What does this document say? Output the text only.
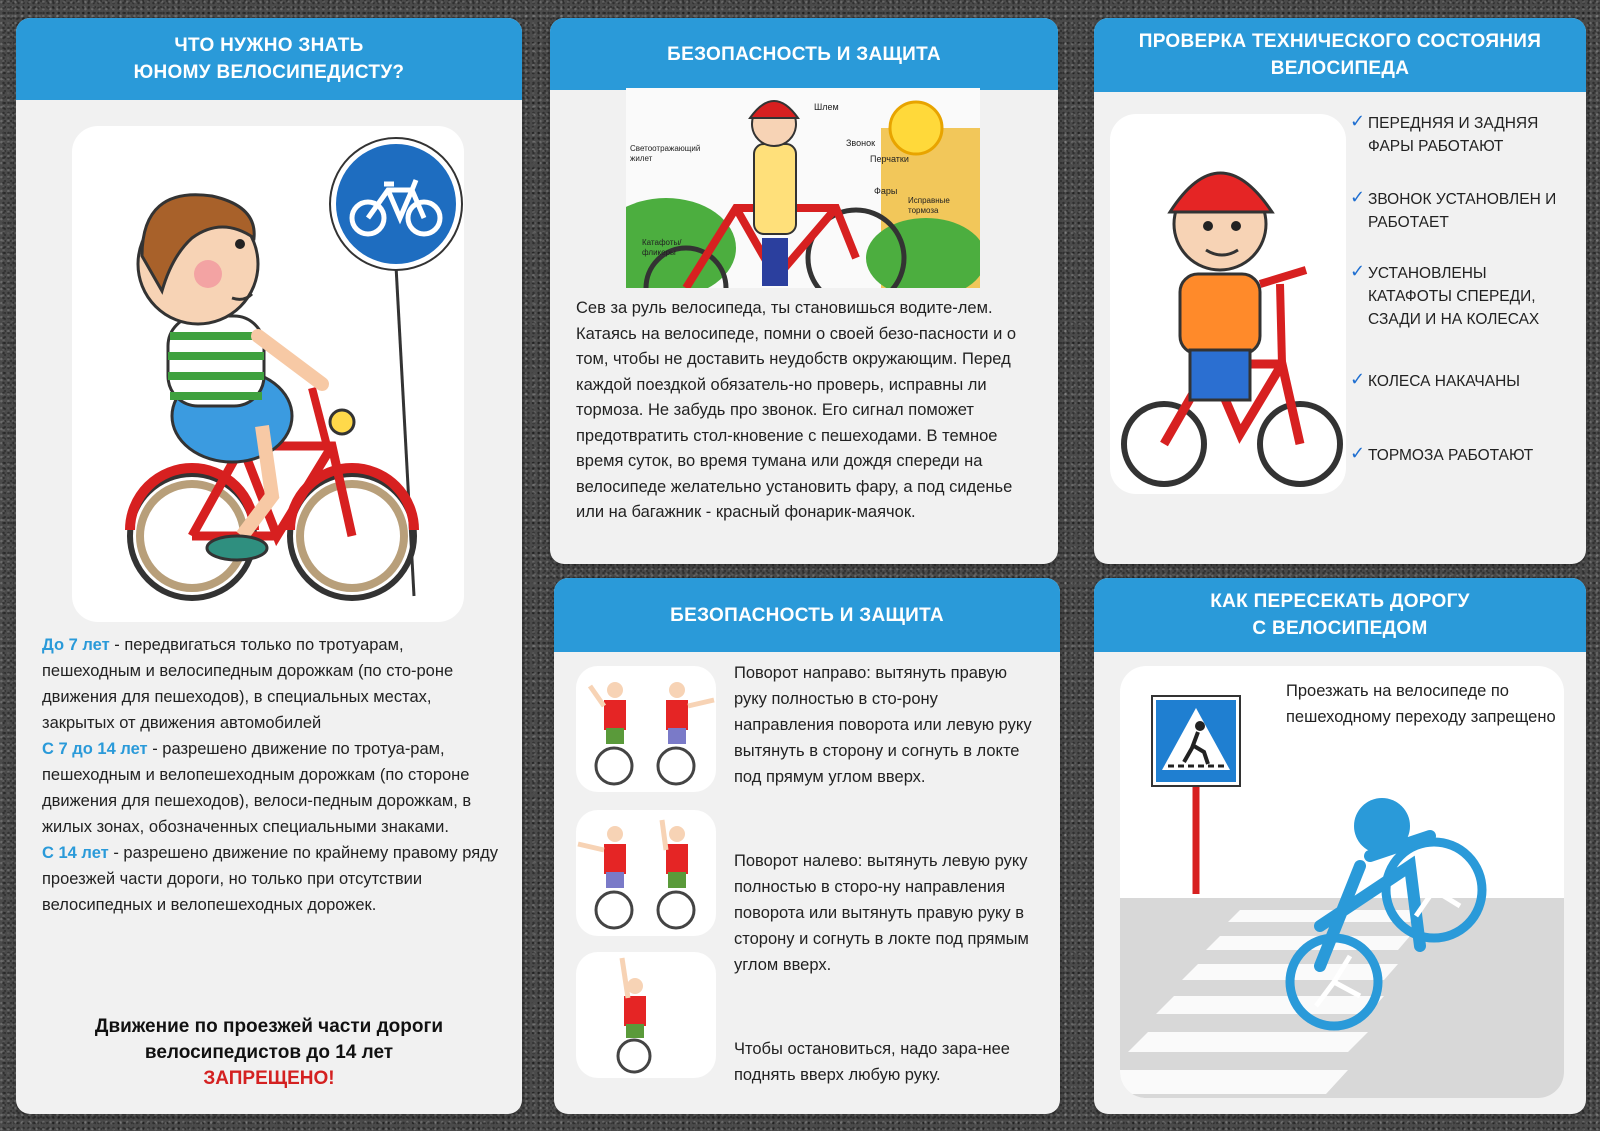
ЧТО НУЖНО ЗНАТЬ
ЮНОМУ ВЕЛОСИПЕДИСТУ?

До 7 лет - передвигаться только по тротуарам, пешеходным и велосипедным дорожкам (по сто-роне движения для пешеходов), в специальных местах, закрытых от движения автомобилей

С 7 до 14 лет - разрешено движение по тротуа-рам, пешеходным и велопешеходным дорожкам (по стороне движения для пешеходов), велоси-педным дорожкам, в жилых зонах, обозначенных специальными знаками.

С 14 лет - разрешено движение по крайнему правому ряду проезжей части дороги, но только при отсутствии велосипедных и велопешеходных дорожек.

Движение по проезжей части дороги
велосипедистов до 14 лет
ЗАПРЕЩЕНО!
БЕЗОПАСНОСТЬ И ЗАЩИТА
Шлем
Светоотражающий жилет
Звонок
Перчатки
Фары
Исправные тормоза
Катафоты/ фликеры
Сев за руль велосипеда, ты становишься водите-лем. Катаясь на велосипеде, помни о своей безо-пасности и о том, чтобы не доставить неудобств окружающим. Перед каждой поездкой обязатель-но проверь, исправны ли тормоза. Не забудь про звонок. Его сигнал поможет предотвратить стол-кновение с пешеходами. В темное время суток, во время тумана или дождя спереди на велосипеде желательно установить фару, а под сиденье или на багажник - красный фонарик-маячок.
ПРОВЕРКА ТЕХНИЧЕСКОГО СОСТОЯНИЯ
ВЕЛОСИПЕДА
✓ ПЕРЕДНЯЯ И ЗАДНЯЯ ФАРЫ РАБОТАЮТ
✓ ЗВОНОК УСТАНОВЛЕН И РАБОТАЕТ
✓ УСТАНОВЛЕНЫ КАТАФОТЫ СПЕРЕДИ, СЗАДИ И НА КОЛЕСАХ
✓ КОЛЕСА НАКАЧАНЫ
✓ ТОРМОЗА РАБОТАЮТ
БЕЗОПАСНОСТЬ И ЗАЩИТА
Поворот направо: вытянуть правую руку полностью в сто-рону направления поворота или левую руку вытянуть в сторону и согнуть в локте под прямум углом вверх.
Поворот налево: вытянуть левую руку полностью в сторо-ну направления поворота или вытянуть правую руку в сторону и согнуть в локте под прямым углом вверх.
Чтобы остановиться, надо зара-нее поднять вверх любую руку.
КАК ПЕРЕСЕКАТЬ ДОРОГУ
С ВЕЛОСИПЕДОМ
Проезжать на велосипеде по пешеходному переходу запрещено
